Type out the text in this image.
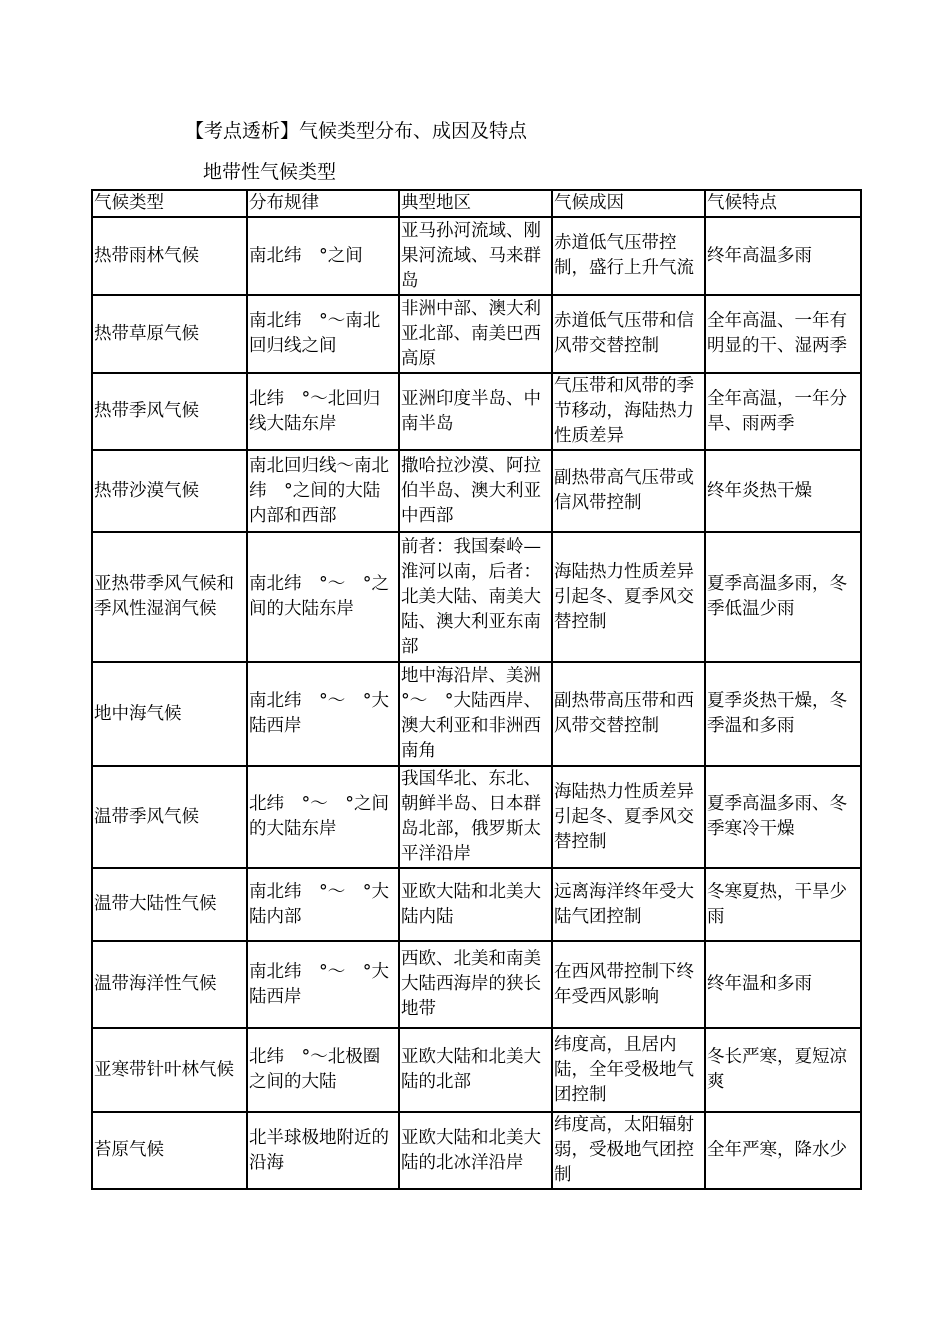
【考点透析】气候类型分布、成因及特点
地带性气候类型
气候类型	分布规律	典型地区	气候成因	气候特点
热带雨林气候	南北纬　°之间	亚马孙河流域、刚果河流域、马来群岛	赤道低气压带控制，盛行上升气流	终年高温多雨
热带草原气候	南北纬　°～南北回归线之间	非洲中部、澳大利亚北部、南美巴西高原	赤道低气压带和信风带交替控制	全年高温、一年有明显的干、湿两季
热带季风气候	北纬　°～北回归线大陆东岸	亚洲印度半岛、中南半岛	气压带和风带的季节移动，海陆热力性质差异	全年高温，一年分旱、雨两季
热带沙漠气候	南北回归线～南北纬　°之间的大陆内部和西部	撒哈拉沙漠、阿拉伯半岛、澳大利亚中西部	副热带高气压带或信风带控制	终年炎热干燥
亚热带季风气候和季风性湿润气候	南北纬　°～　°之间的大陆东岸	前者：我国秦岭—淮河以南，后者：北美大陆、南美大陆、澳大利亚东南部	海陆热力性质差异引起冬、夏季风交替控制	夏季高温多雨，冬季低温少雨
地中海气候	南北纬　°～　°大陆西岸	地中海沿岸、美洲　°～　°大陆西岸、澳大利亚和非洲西南角	副热带高压带和西风带交替控制	夏季炎热干燥，冬季温和多雨
温带季风气候	北纬　°～　°之间的大陆东岸	我国华北、东北、朝鲜半岛、日本群岛北部，俄罗斯太平洋沿岸	海陆热力性质差异引起冬、夏季风交替控制	夏季高温多雨、冬季寒冷干燥
温带大陆性气候	南北纬　°～　°大陆内部	亚欧大陆和北美大陆内陆	远离海洋终年受大陆气团控制	冬寒夏热，干旱少雨
温带海洋性气候	南北纬　°～　°大陆西岸	西欧、北美和南美大陆西海岸的狭长地带	在西风带控制下终年受西风影响	终年温和多雨
亚寒带针叶林气候	北纬　°～北极圈之间的大陆	亚欧大陆和北美大陆的北部	纬度高，且居内陆，全年受极地气团控制	冬长严寒，夏短凉爽
苔原气候	北半球极地附近的沿海	亚欧大陆和北美大陆的北冰洋沿岸	纬度高，太阳辐射弱，受极地气团控制	全年严寒，降水少
